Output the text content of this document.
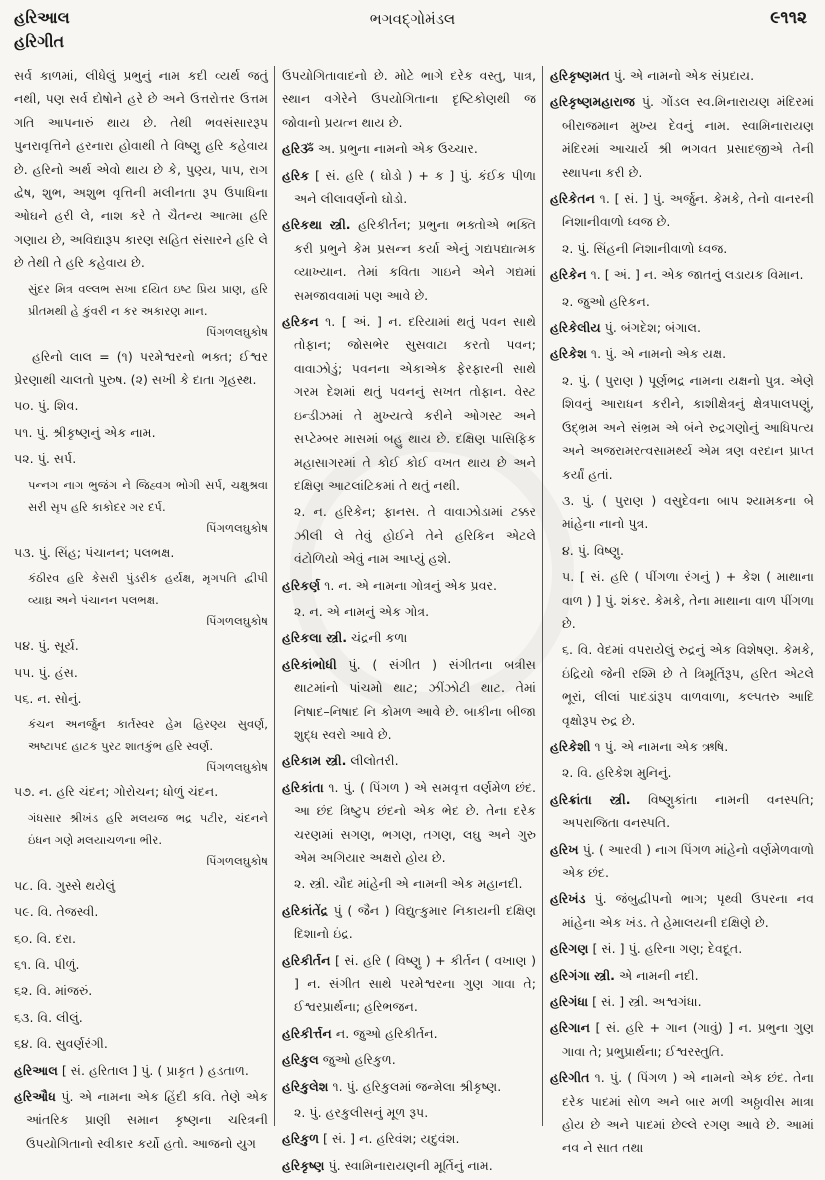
હરિઆલ
હરિગીત
ભગવદ્ગોમંડલ	૯૧૧૨

સર્વ કાળમાં, લીધેલું પ્રભુનું નામ કદી વ્યર્થ જતું નથી, પણ સર્વ દોષોને હરે છે અને ઉત્તરોત્તર ઉત્તમ ગતિ આપનારું થાય છે. તેથી ભવસંસારરૂપ પુનરાવૃત્તિને હરનારા હોવાથી તે વિષ્ણુ હરિ કહેવાય છે. હરિનો અર્થ એવો થાય છે કે, પુણ્ય, પાપ, રાગ દ્વેષ, શુભ, અશુભ વૃત્તિની મલીનતા રૂપ ઉપાધિના ઓઘને હરી લે, નાશ કરે તે ચૈતન્ય આત્મા હરિ ગણાય છે, અવિદ્યારૂપ કારણ સહિત સંસારને હરિ લે છે તેથી તે હરિ કહેવાય છે.

સુંદર મિત્ર વલ્લભ સખા દયિત ઇષ્ટ પ્રિય પ્રાણ, હરિ પ્રીતમથી હે કુંવરી ન કર અકારણ માન.

પિંગળલઘુકોષ

હરિનો લાલ = (૧) પરમેશ્વરનો ભક્ત; ઈશ્વર પ્રેરણાથી ચાલતો પુરુષ. (૨) સખી કે દાતા ગૃહસ્થ.

૫૦. પું. શિવ.

૫૧. પું. શ્રીકૃષ્ણનું એક નામ.

૫૨. પું. સર્પ.

પન્નગ નાગ ભુજંગ ને જિહ્વગ ભોગી સર્પ, ચક્ષુશ્રવા સરી સૃપ હરિ કાકોદર ગર દર્પ.

પિંગળલઘુકોષ

૫૩. પું. સિંહ; પંચાનન; પલભક્ષ.

કંઠીરવ હરિ કેસરી પુંડરીક હર્યક્ષ, મૃગપતિ દ્વીપી વ્યાઘ્ર અને પંચાનન પલભક્ષ.

પિંગળલઘુકોષ

૫૪. પું. સૂર્ય.

૫૫. પું. હંસ.

૫૬. ન. સોનું.

કંચન અનર્જુન કાર્તસ્વર હેમ હિરણ્ય સુવર્ણ, અષ્ટાપદ હાટક પુરટ શાતકુંભ હરિ સ્વર્ણ.

પિંગળલઘુકોષ

૫૭. ન. હરિ ચંદન; ગોરોચન; ધોળું ચંદન.

ગંધસાર શ્રીખંડ હરિ મલયજ ભદ્ર પટીર, ચંદનને ઇંધન ગણે મલયાચળના ભીર.

પિંગળલઘુકોષ

૫૮. વિ. ગુસ્સે થયેલું

૫૯. વિ. તેજસ્વી.

૬૦. વિ. દરા.

૬૧. વિ. પીળું.

૬૨. વિ. માંજરું.

૬૩. વિ. લીલું.

૬૪. વિ. સુવર્ણરંગી.

હરિઆલ [ સં. હરિતાલ ] પું. ( પ્રાકૃત ) હડતાળ.

હરિઔધ પું. એ નામના એક હિંદી કવિ. તેણે એક આંતરિક પ્રાણી સમાન કૃષ્ણના ચરિત્રની ઉપયોગિતાનો સ્વીકાર કર્યો હતો. આજનો યુગ

ઉપયોગિતાવાદનો છે. મોટે ભાગે દરેક વસ્તુ, પાત્ર, સ્થાન વગેરેને ઉપયોગિતાના દૃષ્ટિકોણથી જ જોવાનો પ્રયત્ન થાય છે.

હરિૐ અ. પ્રભુના નામનો એક ઉચ્ચાર.

હરિક [ સં. હરિ ( ઘોડો ) + ક ] પું. કંઈક પીળા અને લીલાવર્ણનો ઘોડો.

હરિકથા સ્ત્રી. હરિકીર્તન; પ્રભુના ભક્તોએ ભક્તિ કરી પ્રભુને કેમ પ્રસન્ન કર્યા એનું ગદ્યપદ્યાત્મક વ્યાખ્યાન. તેમાં કવિતા ગાઇને એને ગદ્યમાં સમજાવવામાં પણ આવે છે.

હરિકન ૧. [ અં. ] ન. દરિયામાં થતું પવન સાથે તોફાન; જોસભેર સુસવાટા કરતો પવન; વાવાઝોડું; પવનના એકાએક ફેરફારની સાથે ગરમ દેશમાં થતું પવનનું સખત તોફાન. વેસ્ટ ઇન્ડીઝમાં તે મુખ્યત્વે કરીને ઓગસ્ટ અને સપ્ટેમ્બર માસમાં બહુ થાય છે. દક્ષિણ પાસિફિક મહાસાગરમાં તે કોઈ કોઈ વખત થાય છે અને દક્ષિણ આટલાંટિકમાં તે થતું નથી.

૨. ન. હરિકેન; ફાનસ. તે વાવાઝોડામાં ટક્કર ઝીલી લે તેવું હોઈને તેને હરિકિન એટલે વંટોળિયો એવું નામ આપ્યું હશે.

હરિકર્ણ ૧. ન. એ નામના ગોત્રનું એક પ્રવર.

૨. ન. એ નામનું એક ગોત્ર.

હરિકલા સ્ત્રી. ચંદ્રની કળા

હરિકાંભોધી પું. ( સંગીત ) સંગીતના બત્રીસ થાટમાંનો પાંચમો થાટ; ઝીંઝોટી થાટ. તેમાં નિષાદ–નિષાદ નિ કોમળ આવે છે. બાકીના બીજા શુદ્ધ સ્વરો આવે છે.

હરિકામ સ્ત્રી. લીલોતરી.

હરિકાંતા ૧. પું. ( પિંગળ ) એ સમવૃત્ત વર્ણમેળ છંદ. આ છંદ ત્રિષ્ટુપ છંદનો એક ભેદ છે. તેના દરેક ચરણમાં સગણ, ભગણ, તગણ, લઘુ અને ગુરુ એમ અગિયાર અક્ષરો હોય છે.

૨. સ્ત્રી. ચૌદ માંહેની એ નામની એક મહાનદી.

હરિકાંતેંદ્ર પું ( જૈન ) વિદ્યુત્કુમાર નિકાયની દક્ષિણ દિશાનો ઇંદ્ર.

હરિકીર્તન [ સં. હરિ ( વિષ્ણુ ) + કીર્તન ( વખાણ ) ] ન. સંગીત સાથે પરમેશ્વરના ગુણ ગાવા તે; ઈશ્વરપ્રાર્થના; હરિભજન.

હરિકીર્ત્તન ન. જુઓ હરિકીર્તન.

હરિકુલ જુઓ હરિકુળ.

હરિકુલેશ ૧. પું. હરિકુલમાં જન્મેલા શ્રીકૃષ્ણ.

૨. પું. હરકુલીસનું મૂળ રૂપ.

હરિકુળ [ સં. ] ન. હરિવંશ; યદુવંશ.

હરિકૃષ્ણ પું. સ્વામિનારાયણની મૂર્તિનું નામ.

હરિકૃષ્ણમત પું. એ નામનો એક સંપ્રદાય.

હરિકૃષ્ણમહારાજ પું. ગોંડલ સ્વ.મિનારાયણ મંદિરમાં બીરાજમાન મુખ્ય દેવનું નામ. સ્વામિનારાયણ મંદિરમાં આચાર્ય શ્રી ભગવત પ્રસાદજીએ તેની સ્થાપના કરી છે.

હરિકેતન ૧. [ સં. ] પું. અર્જુન. કેમકે, તેનો વાનરની નિશાનીવાળો ધ્વજ છે.

૨. પું. સિંહની નિશાનીવાળો ધ્વજ.

હરિકેન ૧. [ અં. ] ન. એક જાતનું લડાયક વિમાન.

૨. જુઓ હરિકન.

હરિકેલીય પું. બંગદેશ; બંગાલ.

હરિકેશ ૧. પું. એ નામનો એક યક્ષ.

૨. પું. ( પુરાણ ) પૂર્ણભદ્ર નામના યક્ષનો પુત્ર. એણે શિવનું આરાધન કરીને, કાશીક્ષેત્રનું ક્ષેત્રપાલપણું, ઉદ્ભ્રમ અને સંભ્રમ એ બંને રુદ્રગણોનું આધિપત્ય અને અજરામરત્વસામર્થ્ય એમ ત્રણ વરદાન પ્રાપ્ત કર્યાં હતાં.

૩. પું. ( પુરાણ ) વસુદેવના બાપ શ્યામકના બે માંહેના નાનો પુત્ર.

૪. પું. વિષ્ણુ.

૫. [ સં. હરિ ( પીંગળા રંગનું ) + કેશ ( માથાના વાળ ) ] પું. શંકર. કેમકે, તેના માથાના વાળ પીંગળા છે.

૬. વિ. વેદમાં વપરાયેલું રુદ્રનું એક વિશેષણ. કેમકે, ઇંદ્રિયો જેની રશ્મિ છે તે ત્રિમૂર્તિરૂપ, હરિત એટલે ભૂરાં, લીલાં પાદડાંરૂપ વાળવાળા, કલ્પતરુ આદિ વૃક્ષોરૂપ રુદ્ર છે.

હરિકેશી ૧ પું. એ નામના એક ઋષિ.

૨. વિ. હરિકેશ મુનિનું.

હરિક્રાંતા સ્ત્રી. વિષ્ણુકાંતા નામની વનસ્પતિ; અપરાજિતા વનસ્પતિ.

હરિખ પું. ( આરવી ) નાગ પિંગળ માંહેનો વર્ણમેળવાળો એક છંદ.

હરિખંડ પું. જંબુદ્વીપનો ભાગ; પૃથ્વી ઉપરના નવ માંહેના એક ખંડ. તે હેમાલયની દક્ષિણે છે.

હરિગણ [ સં. ] પું. હરિના ગણ; દેવદૂત.

હરિગંગા સ્ત્રી. એ નામની નદી.

હરિગંધા [ સં. ] સ્ત્રી. અશ્વગંધા.

હરિગાન [ સં. હરિ + ગાન (ગાવું) ] ન. પ્રભુના ગુણ ગાવા તે; પ્રભુપ્રાર્થના; ઈશ્વરસ્તુતિ.

હરિગીત ૧. પું. ( પિંગળ ) એ નામનો એક છંદ. તેના દરેક પાદમાં સોળ અને બાર મળી અઠ્ઠાવીસ માત્રા હોય છે અને પાદમાં છેલ્લે રગણ આવે છે. આમાં નવ ને સાત તથા
